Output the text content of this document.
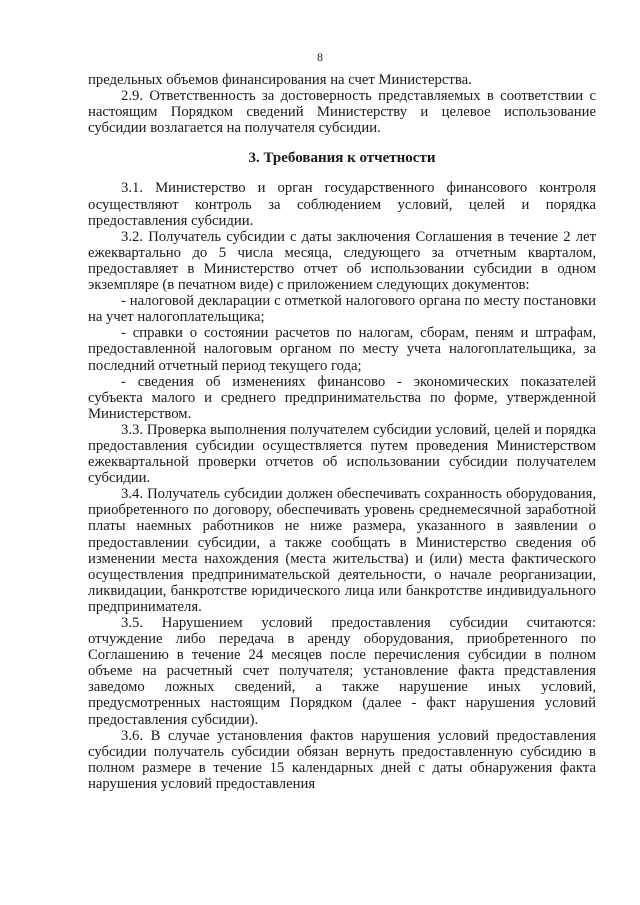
8

предельных объемов финансирования на счет Министерства.

2.9. Ответственность за достоверность представляемых в соответствии с настоящим Порядком сведений Министерству и целевое использование субсидии возлагается на получателя субсидии.

3. Требования к отчетности

3.1. Министерство и орган государственного финансового контроля осуществляют контроль за соблюдением условий, целей и порядка предоставления субсидии.

3.2. Получатель субсидии с даты заключения Соглашения в течение 2 лет ежеквартально до 5 числа месяца, следующего за отчетным кварталом, предоставляет в Министерство отчет об использовании субсидии в одном экземпляре (в печатном виде) с приложением следующих документов:

- налоговой декларации с отметкой налогового органа по месту постановки на учет налогоплательщика;

- справки о состоянии расчетов по налогам, сборам, пеням и штрафам, предоставленной налоговым органом по месту учета налогоплательщика, за последний отчетный период текущего года;

- сведения об изменениях финансово - экономических показателей субъекта малого и среднего предпринимательства по форме, утвержденной Министерством.

3.3. Проверка выполнения получателем субсидии условий, целей и порядка предоставления субсидии осуществляется путем проведения Министерством ежеквартальной проверки отчетов об использовании субсидии получателем субсидии.

3.4. Получатель субсидии должен обеспечивать сохранность оборудования, приобретенного по договору, обеспечивать уровень среднемесячной заработной платы наемных работников не ниже размера, указанного в заявлении о предоставлении субсидии, а также сообщать в Министерство сведения об изменении места нахождения (места жительства) и (или) места фактического осуществления предпринимательской деятельности, о начале реорганизации, ликвидации, банкротстве юридического лица или банкротстве индивидуального предпринимателя.

3.5. Нарушением условий предоставления субсидии считаются: отчуждение либо передача в аренду оборудования, приобретенного по Соглашению в течение 24 месяцев после перечисления субсидии в полном объеме на расчетный счет получателя; установление факта представления заведомо ложных сведений, а также нарушение иных условий, предусмотренных настоящим Порядком (далее - факт нарушения условий предоставления субсидии).

3.6. В случае установления фактов нарушения условий предоставления субсидии получатель субсидии обязан вернуть предоставленную субсидию в полном размере в течение 15 календарных дней с даты обнаружения факта нарушения условий предоставления
